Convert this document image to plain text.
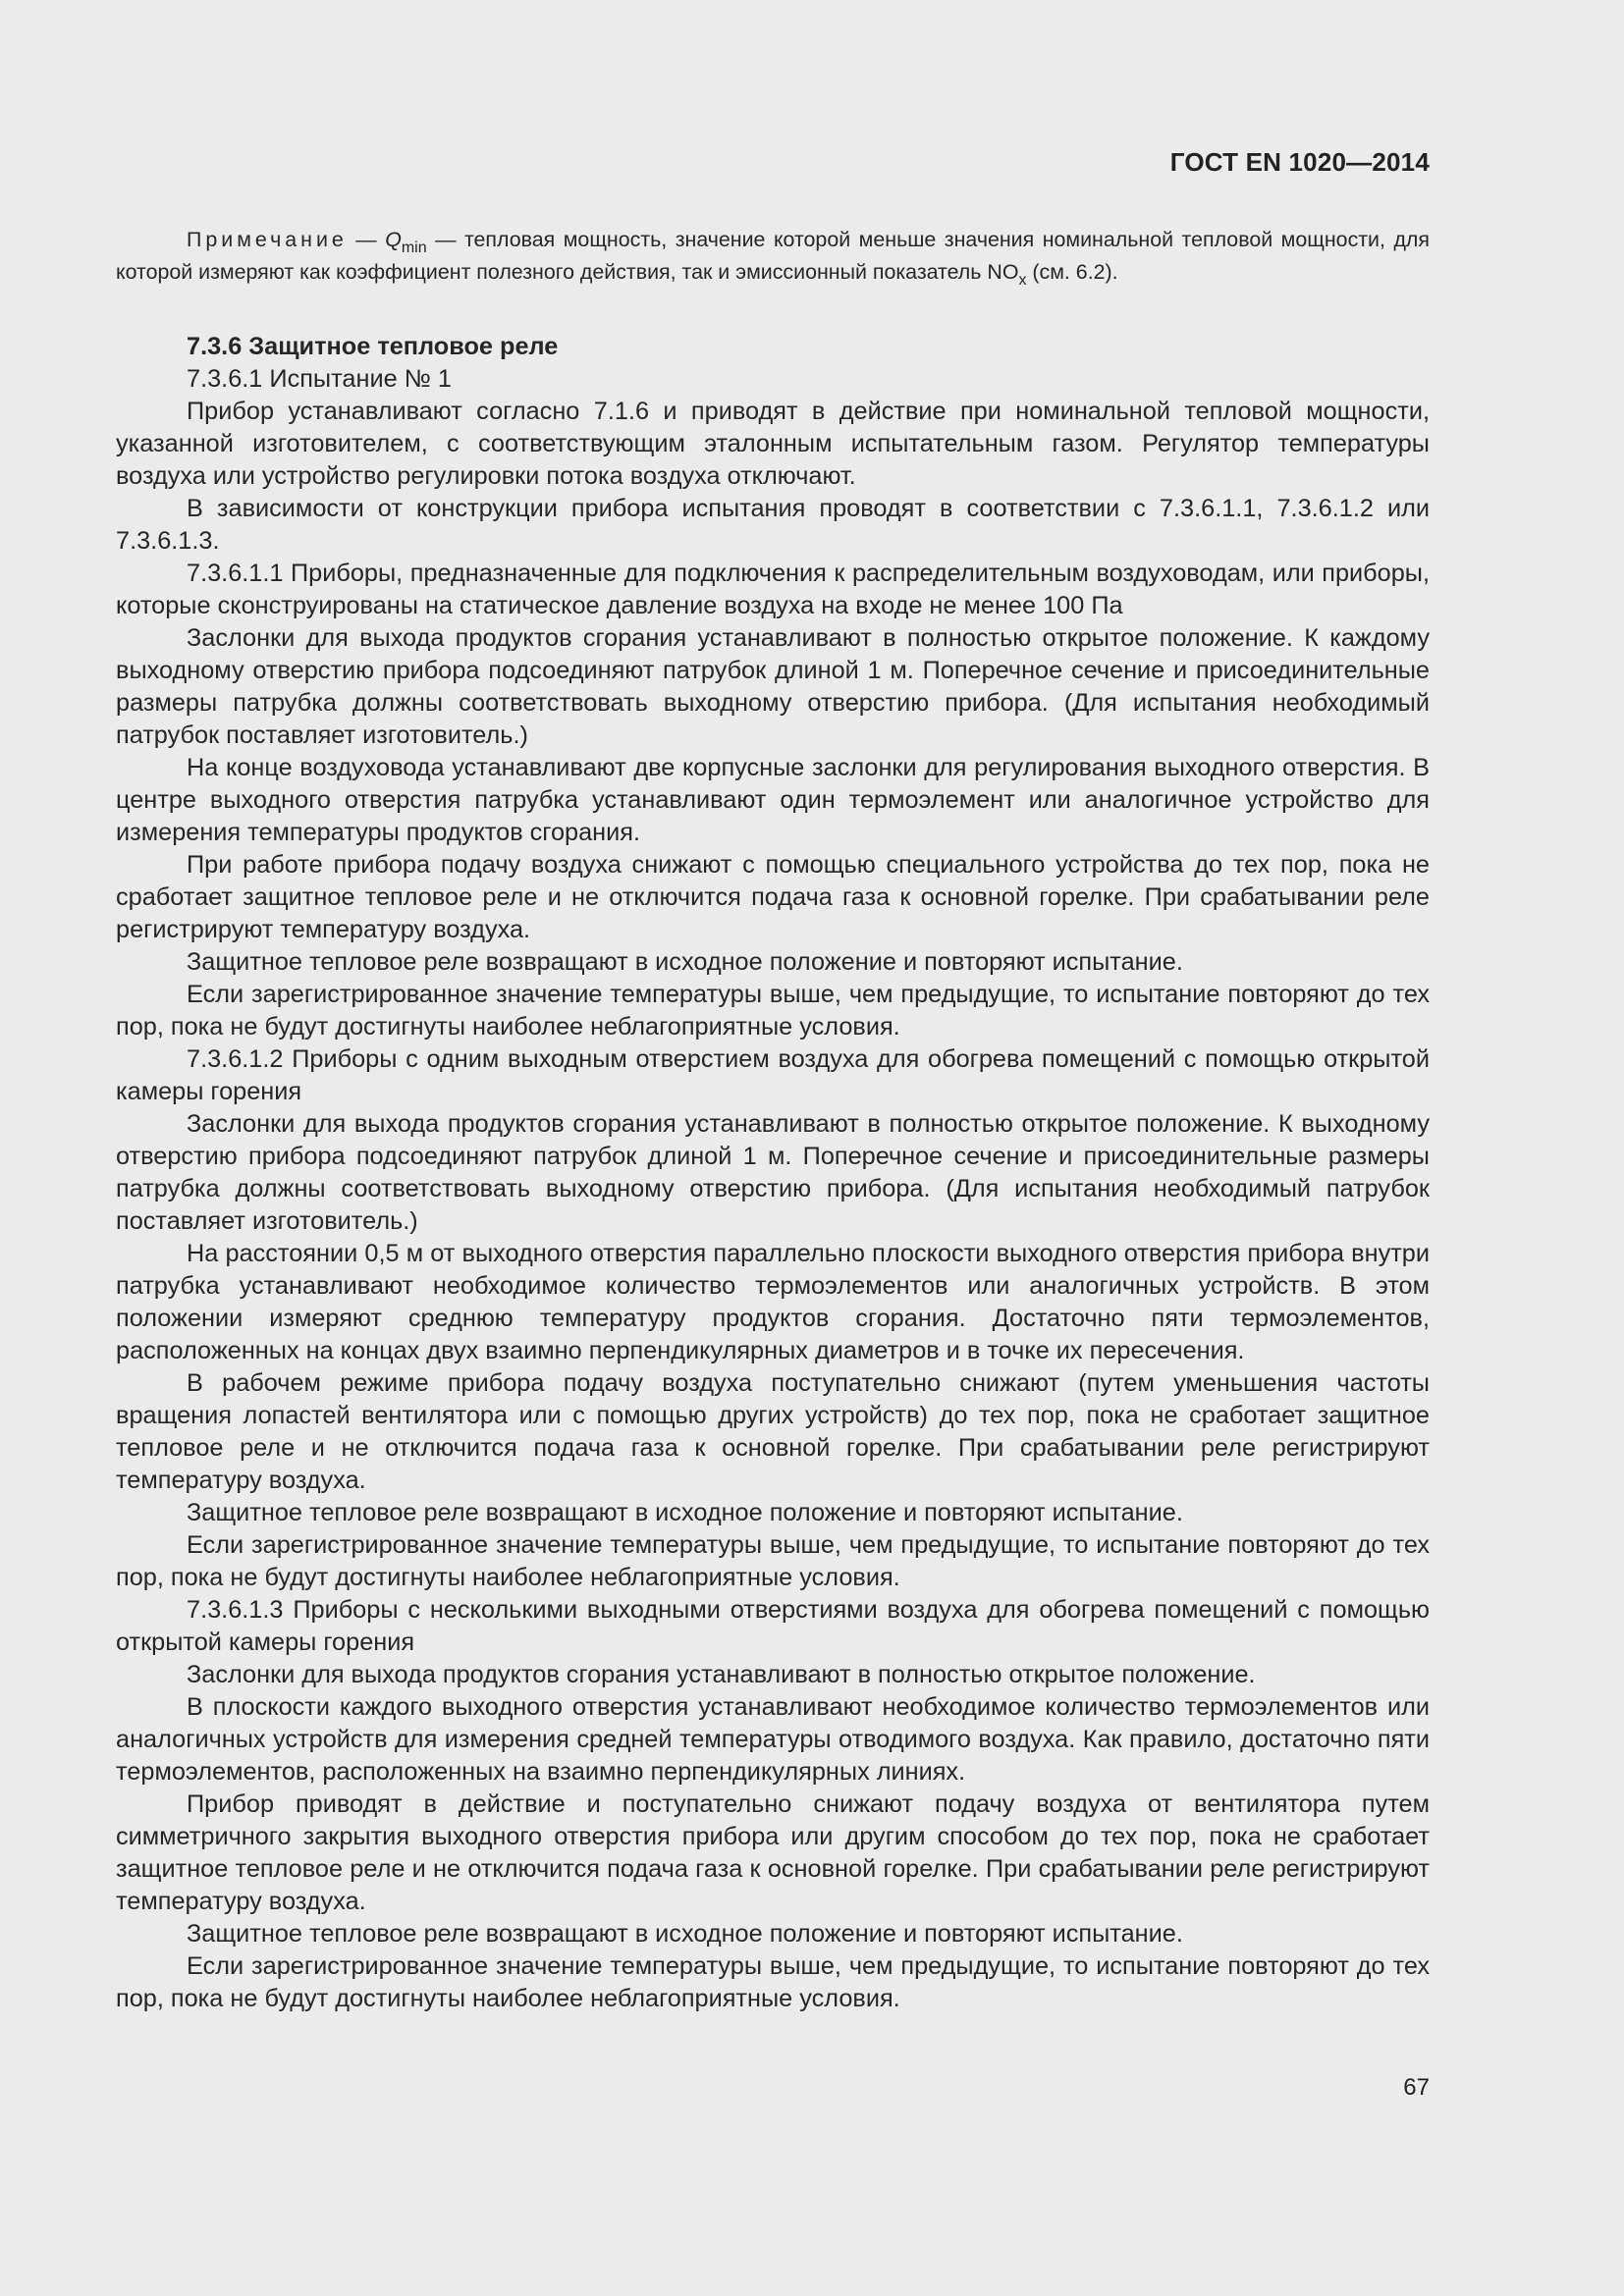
ГОСТ EN 1020—2014
Примечание — $Q_{min}$ — тепловая мощность, значение которой меньше значения номинальной тепловой мощности, для которой измеряют как коэффициент полезного действия, так и эмиссионный показатель $NO_x$ (см. 6.2).

7.3.6 Защитное тепловое реле

7.3.6.1 Испытание № 1

Прибор устанавливают согласно 7.1.6 и приводят в действие при номинальной тепловой мощности, указанной изготовителем, с соответствующим эталонным испытательным газом. Регулятор температуры воздуха или устройство регулировки потока воздуха отключают.

В зависимости от конструкции прибора испытания проводят в соответствии с 7.3.6.1.1, 7.3.6.1.2 или 7.3.6.1.3.

7.3.6.1.1 Приборы, предназначенные для подключения к распределительным воздуховодам, или приборы, которые сконструированы на статическое давление воздуха на входе не менее 100 Па

Заслонки для выхода продуктов сгорания устанавливают в полностью открытое положение. К каждому выходному отверстию прибора подсоединяют патрубок длиной 1 м. Поперечное сечение и присоединительные размеры патрубка должны соответствовать выходному отверстию прибора. (Для испытания необходимый патрубок поставляет изготовитель.)

На конце воздуховода устанавливают две корпусные заслонки для регулирования выходного отверстия. В центре выходного отверстия патрубка устанавливают один термоэлемент или аналогичное устройство для измерения температуры продуктов сгорания.

При работе прибора подачу воздуха снижают с помощью специального устройства до тех пор, пока не сработает защитное тепловое реле и не отключится подача газа к основной горелке. При срабатывании реле регистрируют температуру воздуха.

Защитное тепловое реле возвращают в исходное положение и повторяют испытание.

Если зарегистрированное значение температуры выше, чем предыдущие, то испытание повторяют до тех пор, пока не будут достигнуты наиболее неблагоприятные условия.

7.3.6.1.2 Приборы с одним выходным отверстием воздуха для обогрева помещений с помощью открытой камеры горения

Заслонки для выхода продуктов сгорания устанавливают в полностью открытое положение. К выходному отверстию прибора подсоединяют патрубок длиной 1 м. Поперечное сечение и присоединительные размеры патрубка должны соответствовать выходному отверстию прибора. (Для испытания необходимый патрубок поставляет изготовитель.)

На расстоянии 0,5 м от выходного отверстия параллельно плоскости выходного отверстия прибора внутри патрубка устанавливают необходимое количество термоэлементов или аналогичных устройств. В этом положении измеряют среднюю температуру продуктов сгорания. Достаточно пяти термоэлементов, расположенных на концах двух взаимно перпендикулярных диаметров и в точке их пересечения.

В рабочем режиме прибора подачу воздуха поступательно снижают (путем уменьшения частоты вращения лопастей вентилятора или с помощью других устройств) до тех пор, пока не сработает защитное тепловое реле и не отключится подача газа к основной горелке. При срабатывании реле регистрируют температуру воздуха.

Защитное тепловое реле возвращают в исходное положение и повторяют испытание.

Если зарегистрированное значение температуры выше, чем предыдущие, то испытание повторяют до тех пор, пока не будут достигнуты наиболее неблагоприятные условия.

7.3.6.1.3 Приборы с несколькими выходными отверстиями воздуха для обогрева помещений с помощью открытой камеры горения

Заслонки для выхода продуктов сгорания устанавливают в полностью открытое положение.

В плоскости каждого выходного отверстия устанавливают необходимое количество термоэлементов или аналогичных устройств для измерения средней температуры отводимого воздуха. Как правило, достаточно пяти термоэлементов, расположенных на взаимно перпендикулярных линиях.

Прибор приводят в действие и поступательно снижают подачу воздуха от вентилятора путем симметричного закрытия выходного отверстия прибора или другим способом до тех пор, пока не сработает защитное тепловое реле и не отключится подача газа к основной горелке. При срабатывании реле регистрируют температуру воздуха.

Защитное тепловое реле возвращают в исходное положение и повторяют испытание.

Если зарегистрированное значение температуры выше, чем предыдущие, то испытание повторяют до тех пор, пока не будут достигнуты наиболее неблагоприятные условия.

67
